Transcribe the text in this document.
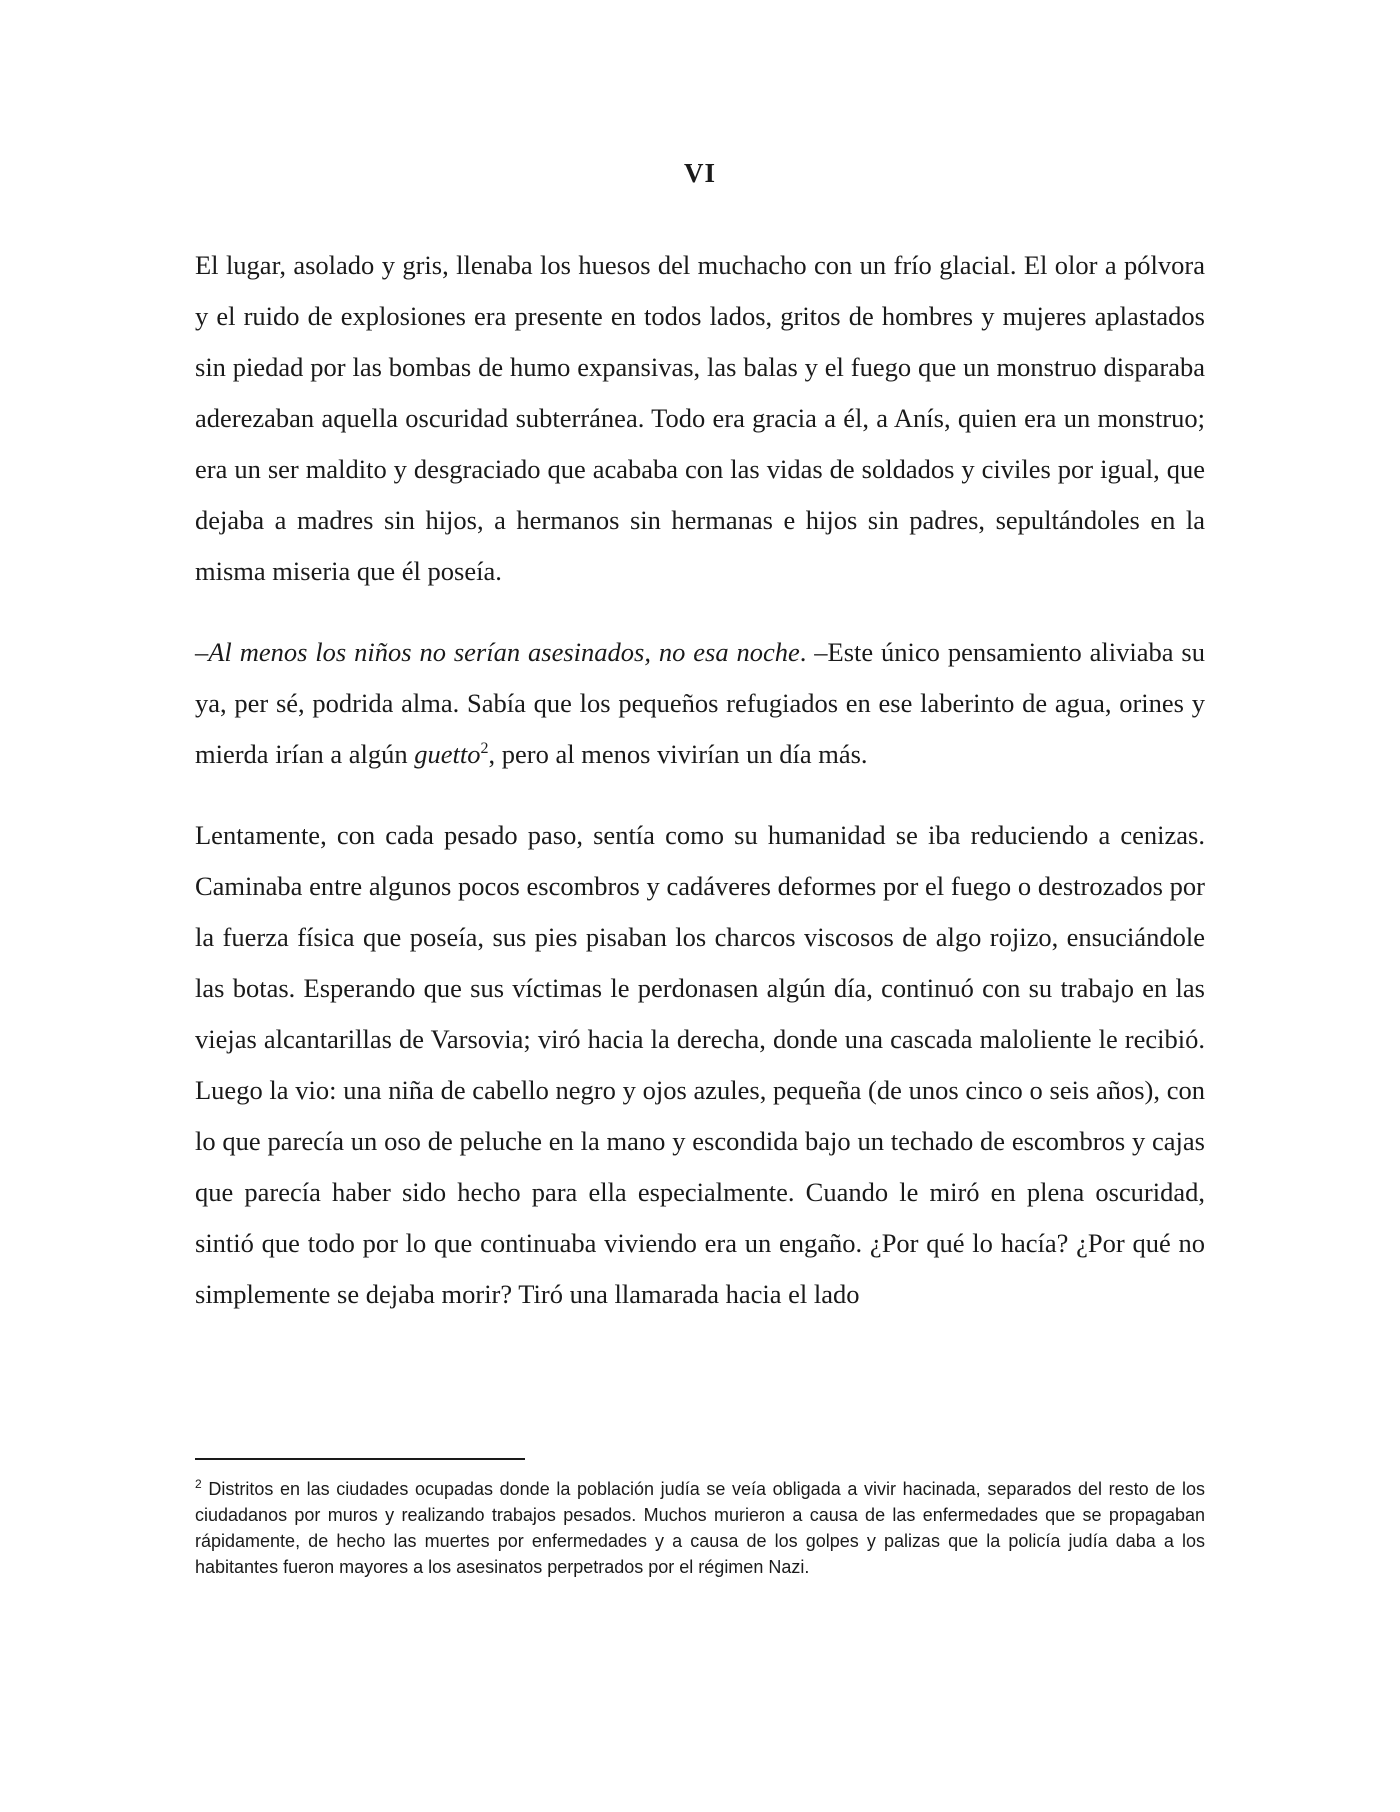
VI

El lugar, asolado y gris, llenaba los huesos del muchacho con un frío glacial. El olor a pólvora y el ruido de explosiones era presente en todos lados, gritos de hombres y mujeres aplastados sin piedad por las bombas de humo expansivas, las balas y el fuego que un monstruo disparaba aderezaban aquella oscuridad subterránea. Todo era gracia a él, a Anís, quien era un monstruo; era un ser maldito y desgraciado que acababa con las vidas de soldados y civiles por igual, que dejaba a madres sin hijos, a hermanos sin hermanas e hijos sin padres, sepultándoles en la misma miseria que él poseía.

–Al menos los niños no serían asesinados, no esa noche. –Este único pensamiento aliviaba su ya, per sé, podrida alma. Sabía que los pequeños refugiados en ese laberinto de agua, orines y mierda irían a algún guetto$^2$, pero al menos vivirían un día más.

Lentamente, con cada pesado paso, sentía como su humanidad se iba reduciendo a cenizas. Caminaba entre algunos pocos escombros y cadáveres deformes por el fuego o destrozados por la fuerza física que poseía, sus pies pisaban los charcos viscosos de algo rojizo, ensuciándole las botas. Esperando que sus víctimas le perdonasen algún día, continuó con su trabajo en las viejas alcantarillas de Varsovia; viró hacia la derecha, donde una cascada maloliente le recibió. Luego la vio: una niña de cabello negro y ojos azules, pequeña (de unos cinco o seis años), con lo que parecía un oso de peluche en la mano y escondida bajo un techado de escombros y cajas que parecía haber sido hecho para ella especialmente. Cuando le miró en plena oscuridad, sintió que todo por lo que continuaba viviendo era un engaño. ¿Por qué lo hacía? ¿Por qué no simplemente se dejaba morir? Tiró una llamarada hacia el lado

$^2$ Distritos en las ciudades ocupadas donde la población judía se veía obligada a vivir hacinada, separados del resto de los ciudadanos por muros y realizando trabajos pesados. Muchos murieron a causa de las enfermedades que se propagaban rápidamente, de hecho las muertes por enfermedades y a causa de los golpes y palizas que la policía judía daba a los habitantes fueron mayores a los asesinatos perpetrados por el régimen Nazi.
